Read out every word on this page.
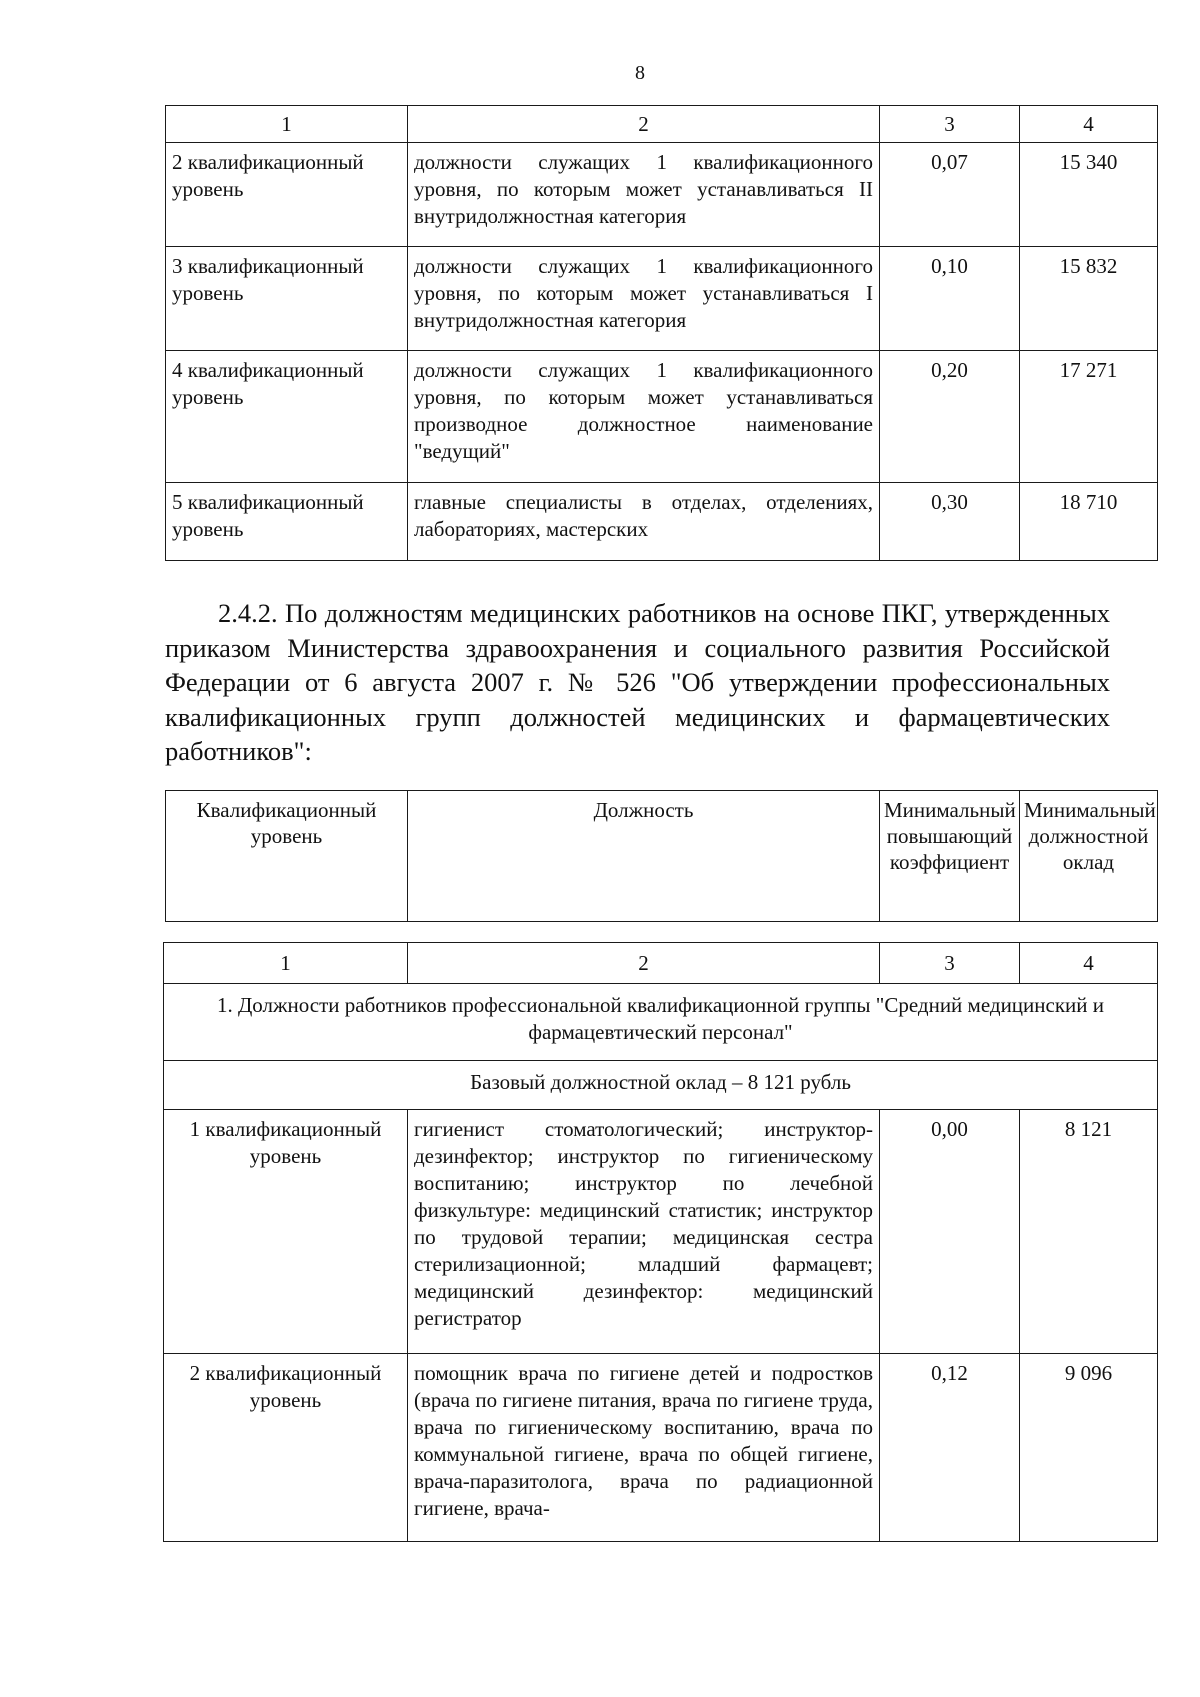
8
1	2	3	4
2 квалификационный уровень	должности служащих 1 квалификационного уровня, по которым может устанавливаться II внутридолжностная категория	0,07	15 340
3 квалификационный уровень	должности служащих 1 квалификационного уровня, по которым может устанавливаться I внутридолжностная категория	0,10	15 832
4 квалификационный уровень	должности служащих 1 квалификационного уровня, по которым может устанавливаться производное должностное наименование "ведущий"	0,20	17 271
5 квалификационный уровень	главные специалисты в отделах, отделениях, лабораториях, мастерских	0,30	18 710

2.4.2. По должностям медицинских работников на основе ПКГ, утвержденных приказом Министерства здравоохранения и социального развития Российской Федерации от 6 августа 2007 г. № 526 "Об утверждении профессиональных квалификационных групп должностей медицинских и фармацевтических работников":

Квалификационный уровень	Должность	Минимальный повышающий коэффициент	Минимальный должностной оклад
1	2	3	4
1. Должности работников профессиональной квалификационной группы "Средний медицинский и фармацевтический персонал"			
Базовый должностной оклад – 8 121 рубль			
1 квалификационный уровень	гигиенист стоматологический; инструктор-дезинфектор; инструктор по гигиеническому воспитанию; инструктор по лечебной физкультуре: медицинский статистик; инструктор по трудовой терапии; медицинская сестра стерилизационной; младший фармацевт; медицинский дезинфектор: медицинский регистратор	0,00	8 121
2 квалификационный уровень	помощник врача по гигиене детей и подростков (врача по гигиене питания, врача по гигиене труда, врача по гигиеническому воспитанию, врача по коммунальной гигиене, врача по общей гигиене, врача-паразитолога, врача по радиационной гигиене, врача-	0,12	9 096
